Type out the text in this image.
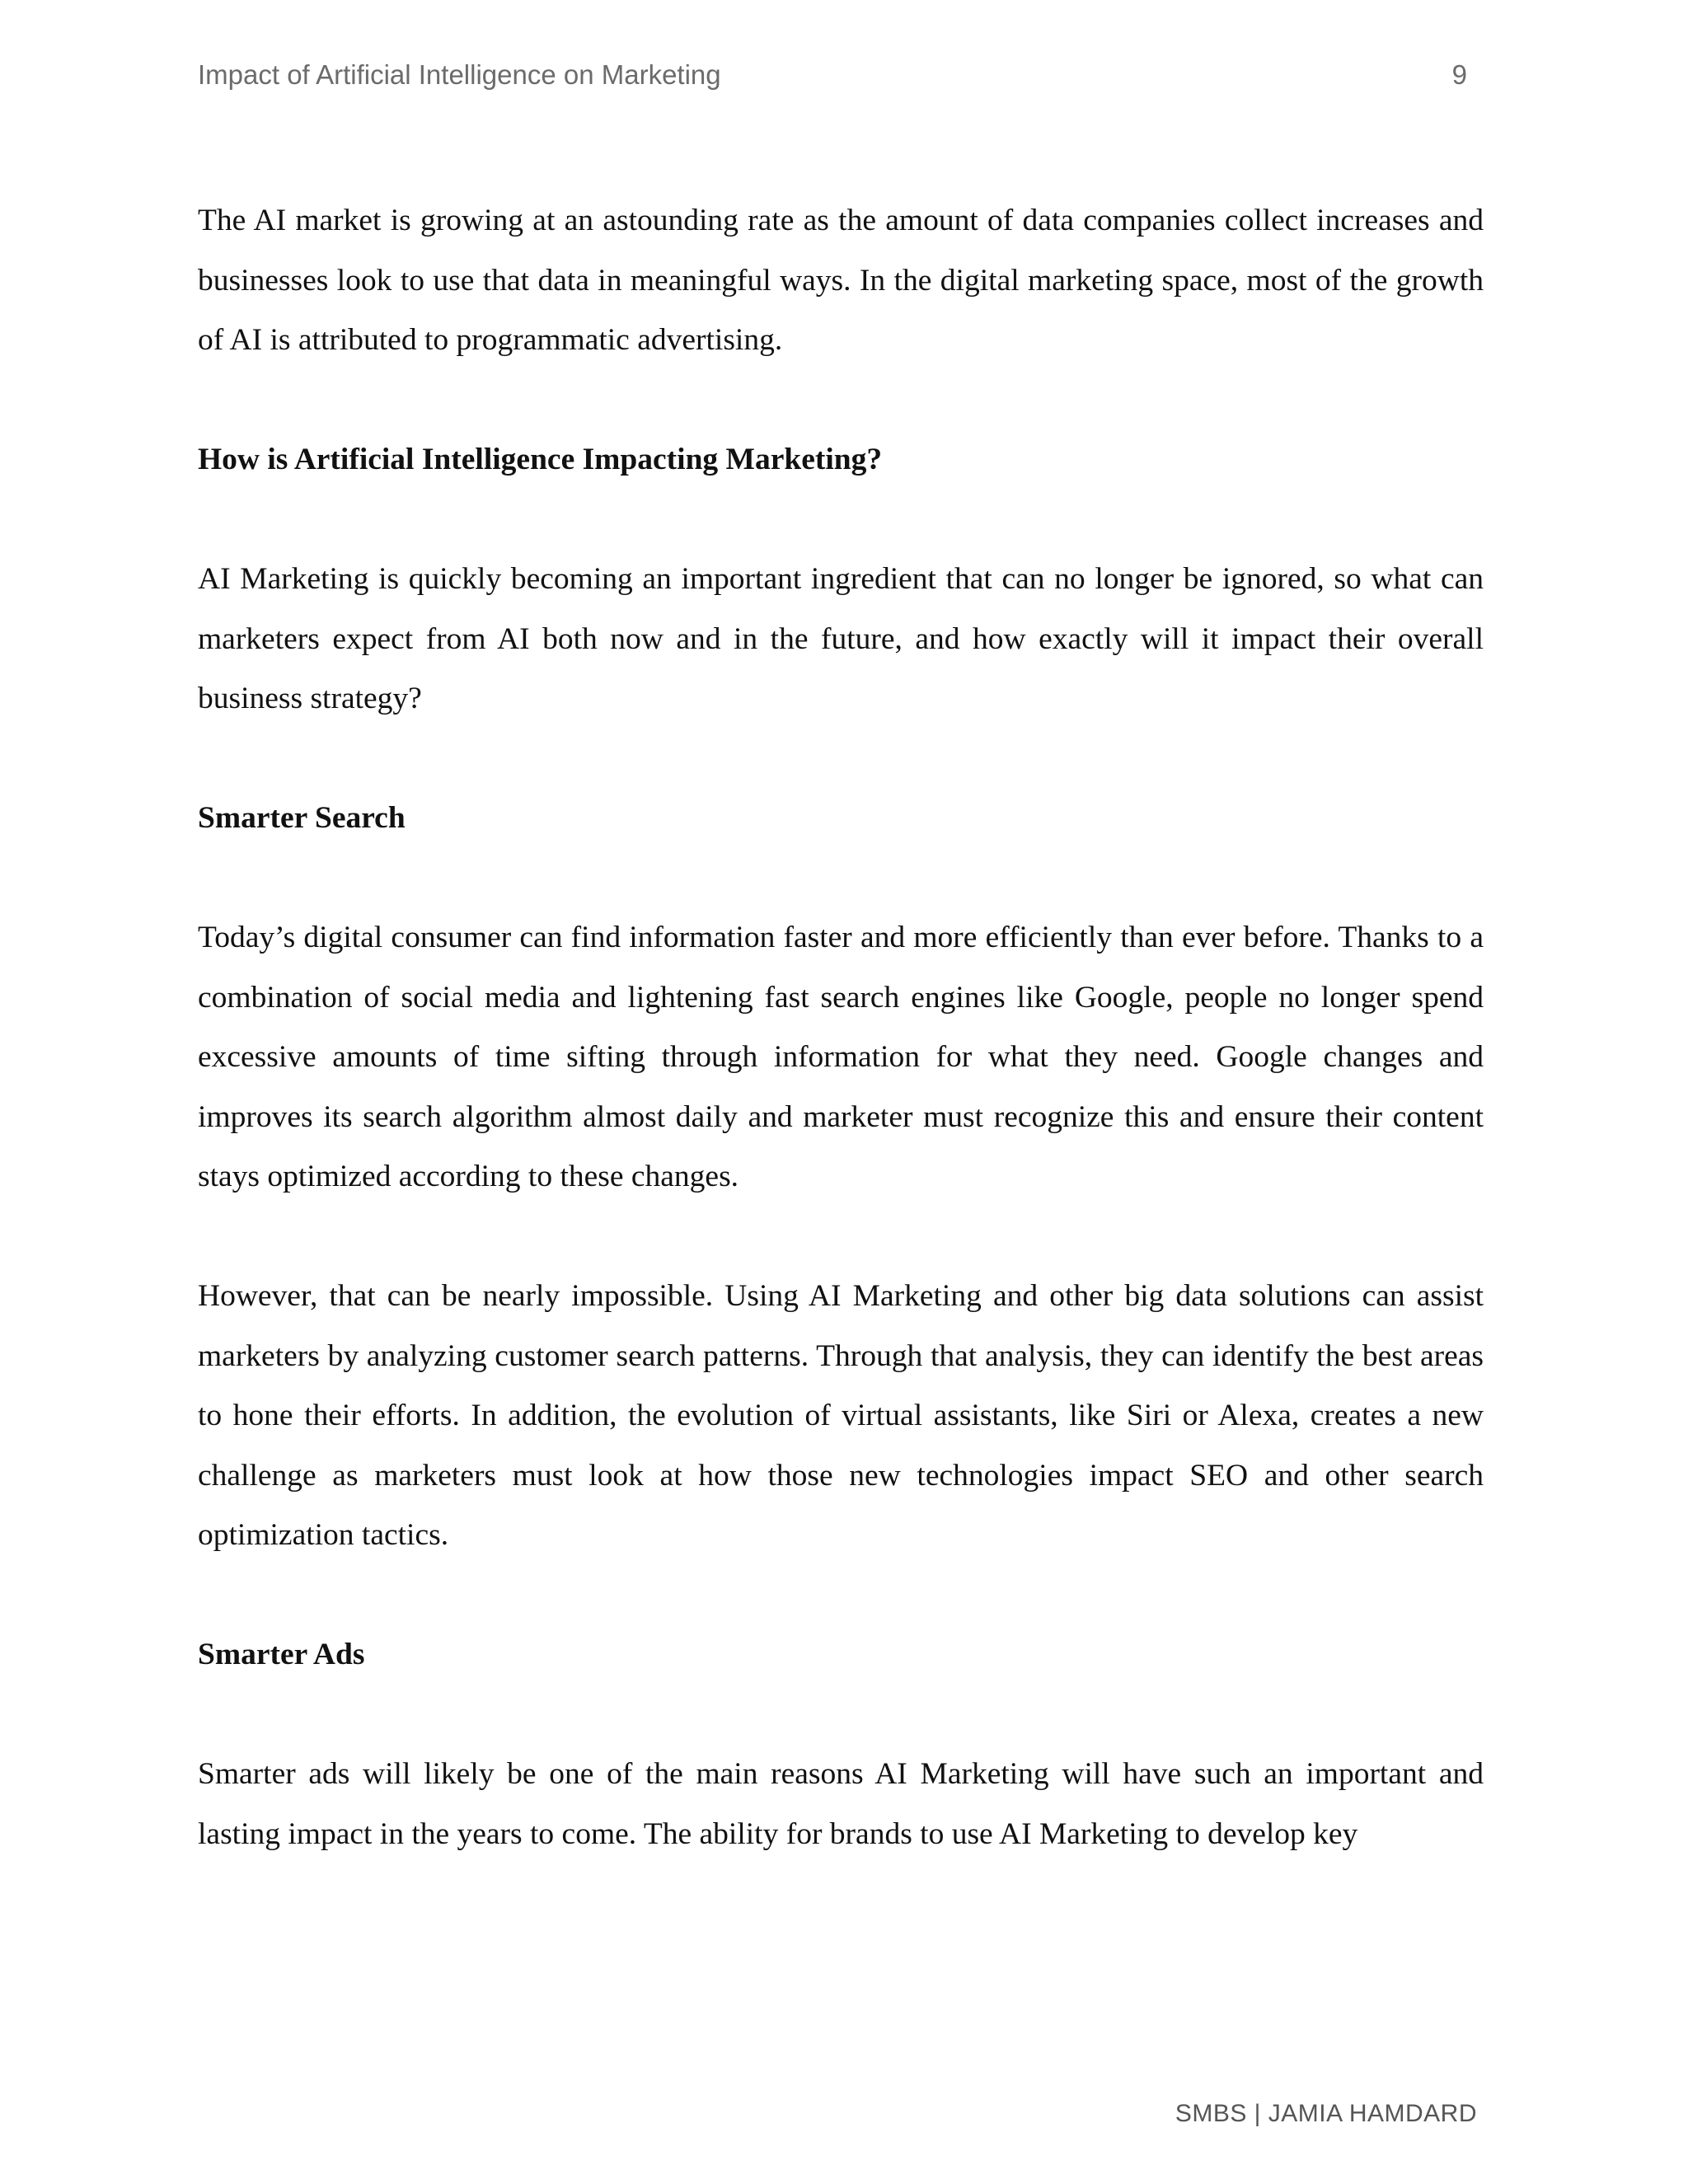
Impact of Artificial Intelligence on Marketing	9

The AI market is growing at an astounding rate as the amount of data companies collect increases and businesses look to use that data in meaningful ways. In the digital marketing space, most of the growth of AI is attributed to programmatic advertising.

How is Artificial Intelligence Impacting Marketing?

AI Marketing is quickly becoming an important ingredient that can no longer be ignored, so what can marketers expect from AI both now and in the future, and how exactly will it impact their overall business strategy?

Smarter Search

Today’s digital consumer can find information faster and more efficiently than ever before. Thanks to a combination of social media and lightening fast search engines like Google, people no longer spend excessive amounts of time sifting through information for what they need. Google changes and improves its search algorithm almost daily and marketer must recognize this and ensure their content stays optimized according to these changes.

However, that can be nearly impossible. Using AI Marketing and other big data solutions can assist marketers by analyzing customer search patterns. Through that analysis, they can identify the best areas to hone their efforts. In addition, the evolution of virtual assistants, like Siri or Alexa, creates a new challenge as marketers must look at how those new technologies impact SEO and other search optimization tactics.

Smarter Ads

Smarter ads will likely be one of the main reasons AI Marketing will have such an important and lasting impact in the years to come. The ability for brands to use AI Marketing to develop key

SMBS | JAMIA HAMDARD
